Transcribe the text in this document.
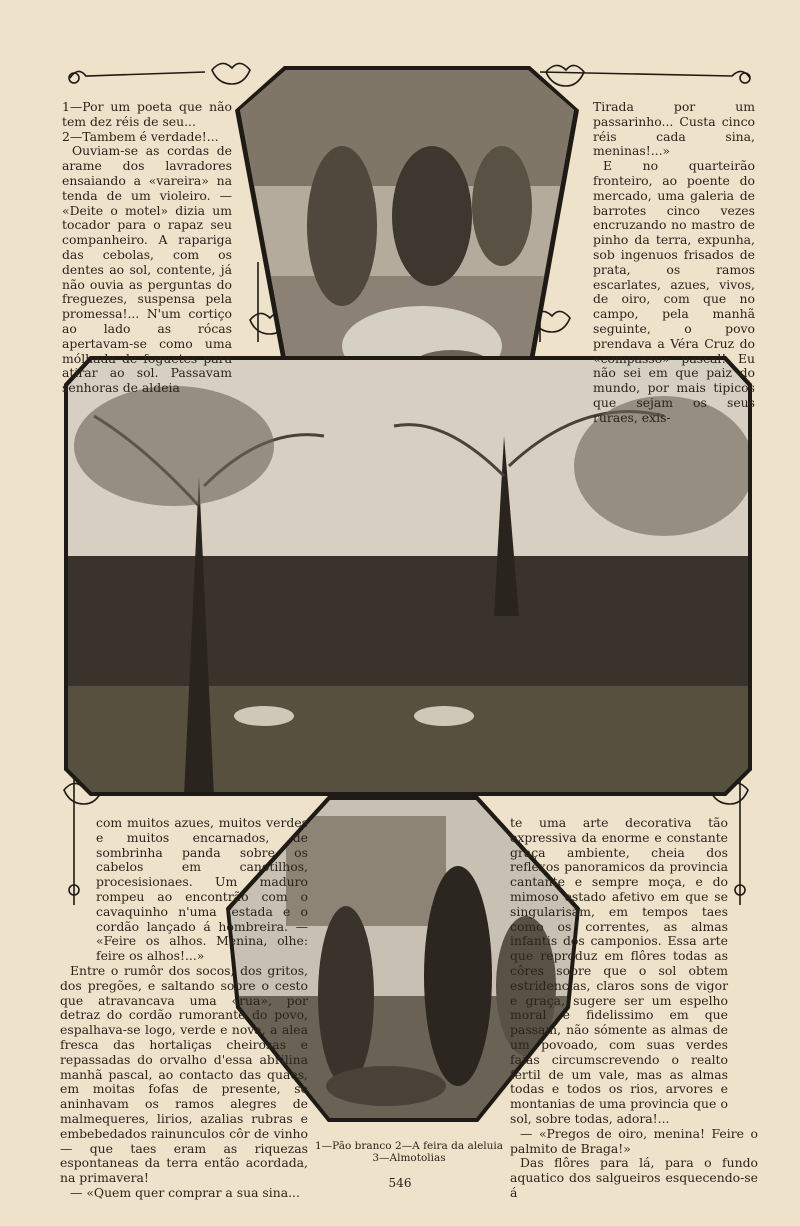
1—Por um poeta que não tem dez réis de seu...

2—Tambem é verdade!...

Ouviam-se as cordas de arame dos lavradores ensaiando a «vareira» na tenda de um violeiro. — «Deite o motel» dizia um tocador para o rapaz seu companheiro. A rapariga das cebolas, com os dentes ao sol, contente, já não ouvia as perguntas do freguezes, suspensa pela promessa!... N'um cortiço ao lado as rócas apertavam-se como uma mólhada de foguetes para atirar ao sol. Passavam senhoras de aldeia

Tirada por um passarinho... Custa cinco réis cada sina, meninas!...»

E no quarteirão fronteiro, ao poente do mercado, uma galeria de barrotes cinco vezes encruzando no mastro de pinho da terra, expunha, sob ingenuos frisados de prata, os ramos escarlates, azues, vivos, de oiro, com que no campo, pela manhã seguinte, o povo prendava a Véra Cruz do «compasso» pascal! Eu não sei em que paiz do mundo, por mais tipicos que sejam os seus ruraes, exis-

com muitos azues, muitos verdes e muitos encarnados, de sombrinha panda sobre os cabelos em canotilhos, procesisionaes. Um maduro rompeu ao encontrão com o cavaquinho n'uma festada e o cordão lançado á hombreira. — «Feire os alhos. Menina, olhe: feire os alhos!...»

Entre o rumôr dos socos, dos gritos, dos pregões, e saltando sobre o cesto que atravancava uma «rua», por detraz do cordão rumorante do povo, espalhava-se logo, verde e nova, a alea fresca das hortaliças cheirosas e repassadas do orvalho d'essa abrilina manhã pascal, ao contacto das quaes, em moitas fofas de presente, se aninhavam os ramos alegres de malmequeres, lirios, azalias rubras e embebedados rainunculos côr de vinho — que taes eram as riquezas espontaneas da terra então acordada, na primavera!

— «Quem quer comprar a sua sina...

te uma arte decorativa tão expressiva da enorme e constante graça ambiente, cheia dos reflexos panoramicos da provincia cantante e sempre moça, e do mimoso estado afetivo em que se singularisam, em tempos taes como os correntes, as almas infantis dos camponios. Essa arte que reproduz em flôres todas as côres sobre que o sol obtem estridencias, claros sons de vigor e graça, sugere ser um espelho moral e fidelissimo em que passam, não sómente as almas de um povoado, com suas verdes faias circumscrevendo o realto fertil de um vale, mas as almas todas e todos os rios, arvores e montanias de uma provincia que o sol, sobre todas, adora!...

— «Pregos de oiro, menina! Feire o palmito de Braga!»

Das flôres para lá, para o fundo aquatico dos salgueiros esquecendo-se á

1—Pão branco 2—A feira da aleluia
3—Almotolias
546
